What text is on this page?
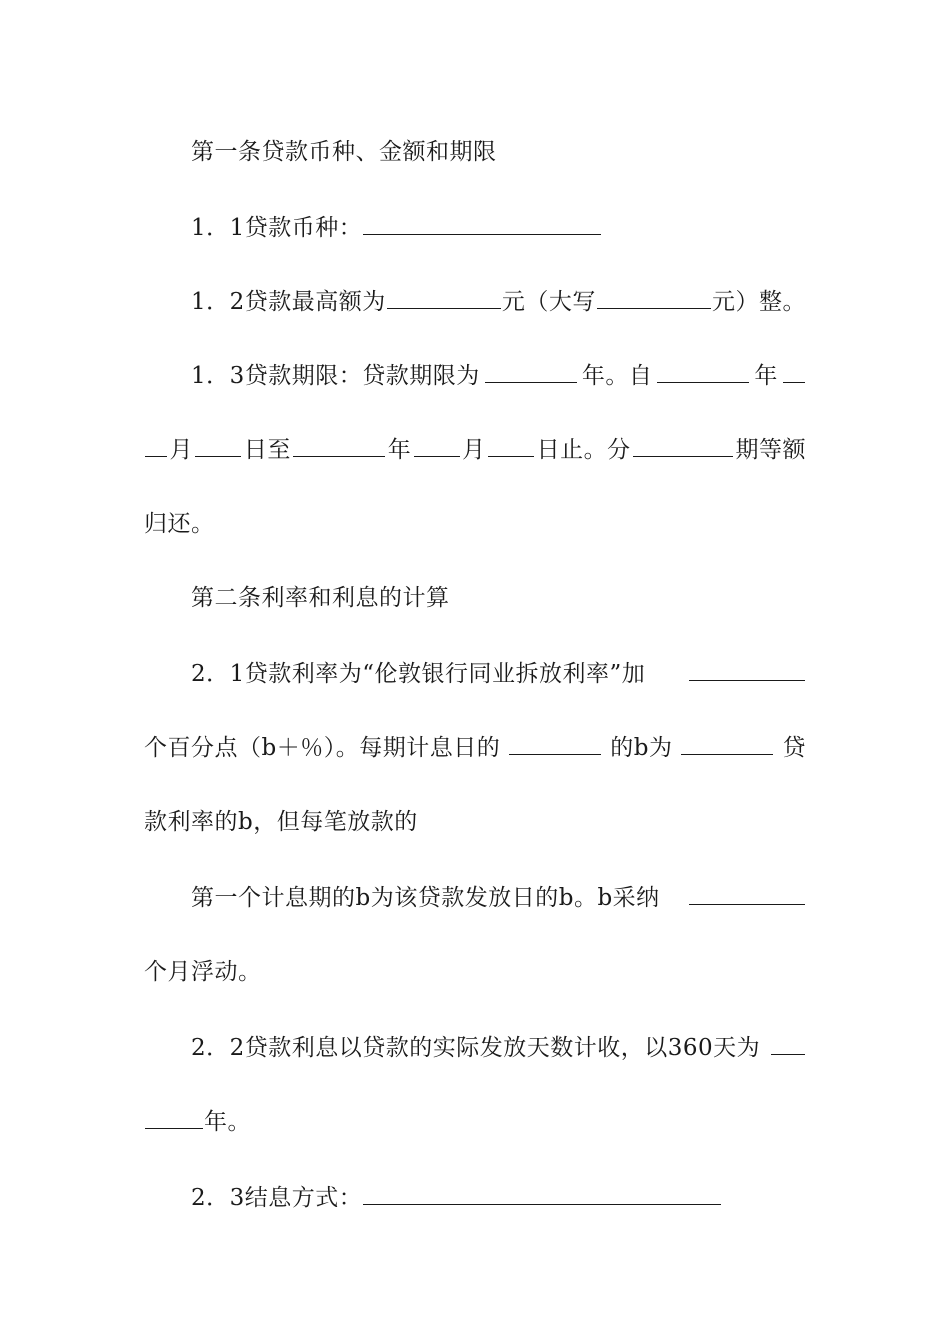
第一条贷款币种、金额和期限
1．1贷款币种：
1．2贷款最高额为	元（大写	元）整。
1．3贷款期限：贷款期限为	年。自	年
月 日至	年 月 日止。分	期等额
归还。
第二条利率和利息的计算
2．1贷款利率为“伦敦银行同业拆放利率”加
个百分点（b＋％）。每期计息日的	的b为	贷
款利率的b，但每笔放款的
第一个计息期的b为该贷款发放日的b。b采纳
个月浮动。
2．2贷款利息以贷款的实际发放天数计收，以360天为
年。
2．3结息方式：
